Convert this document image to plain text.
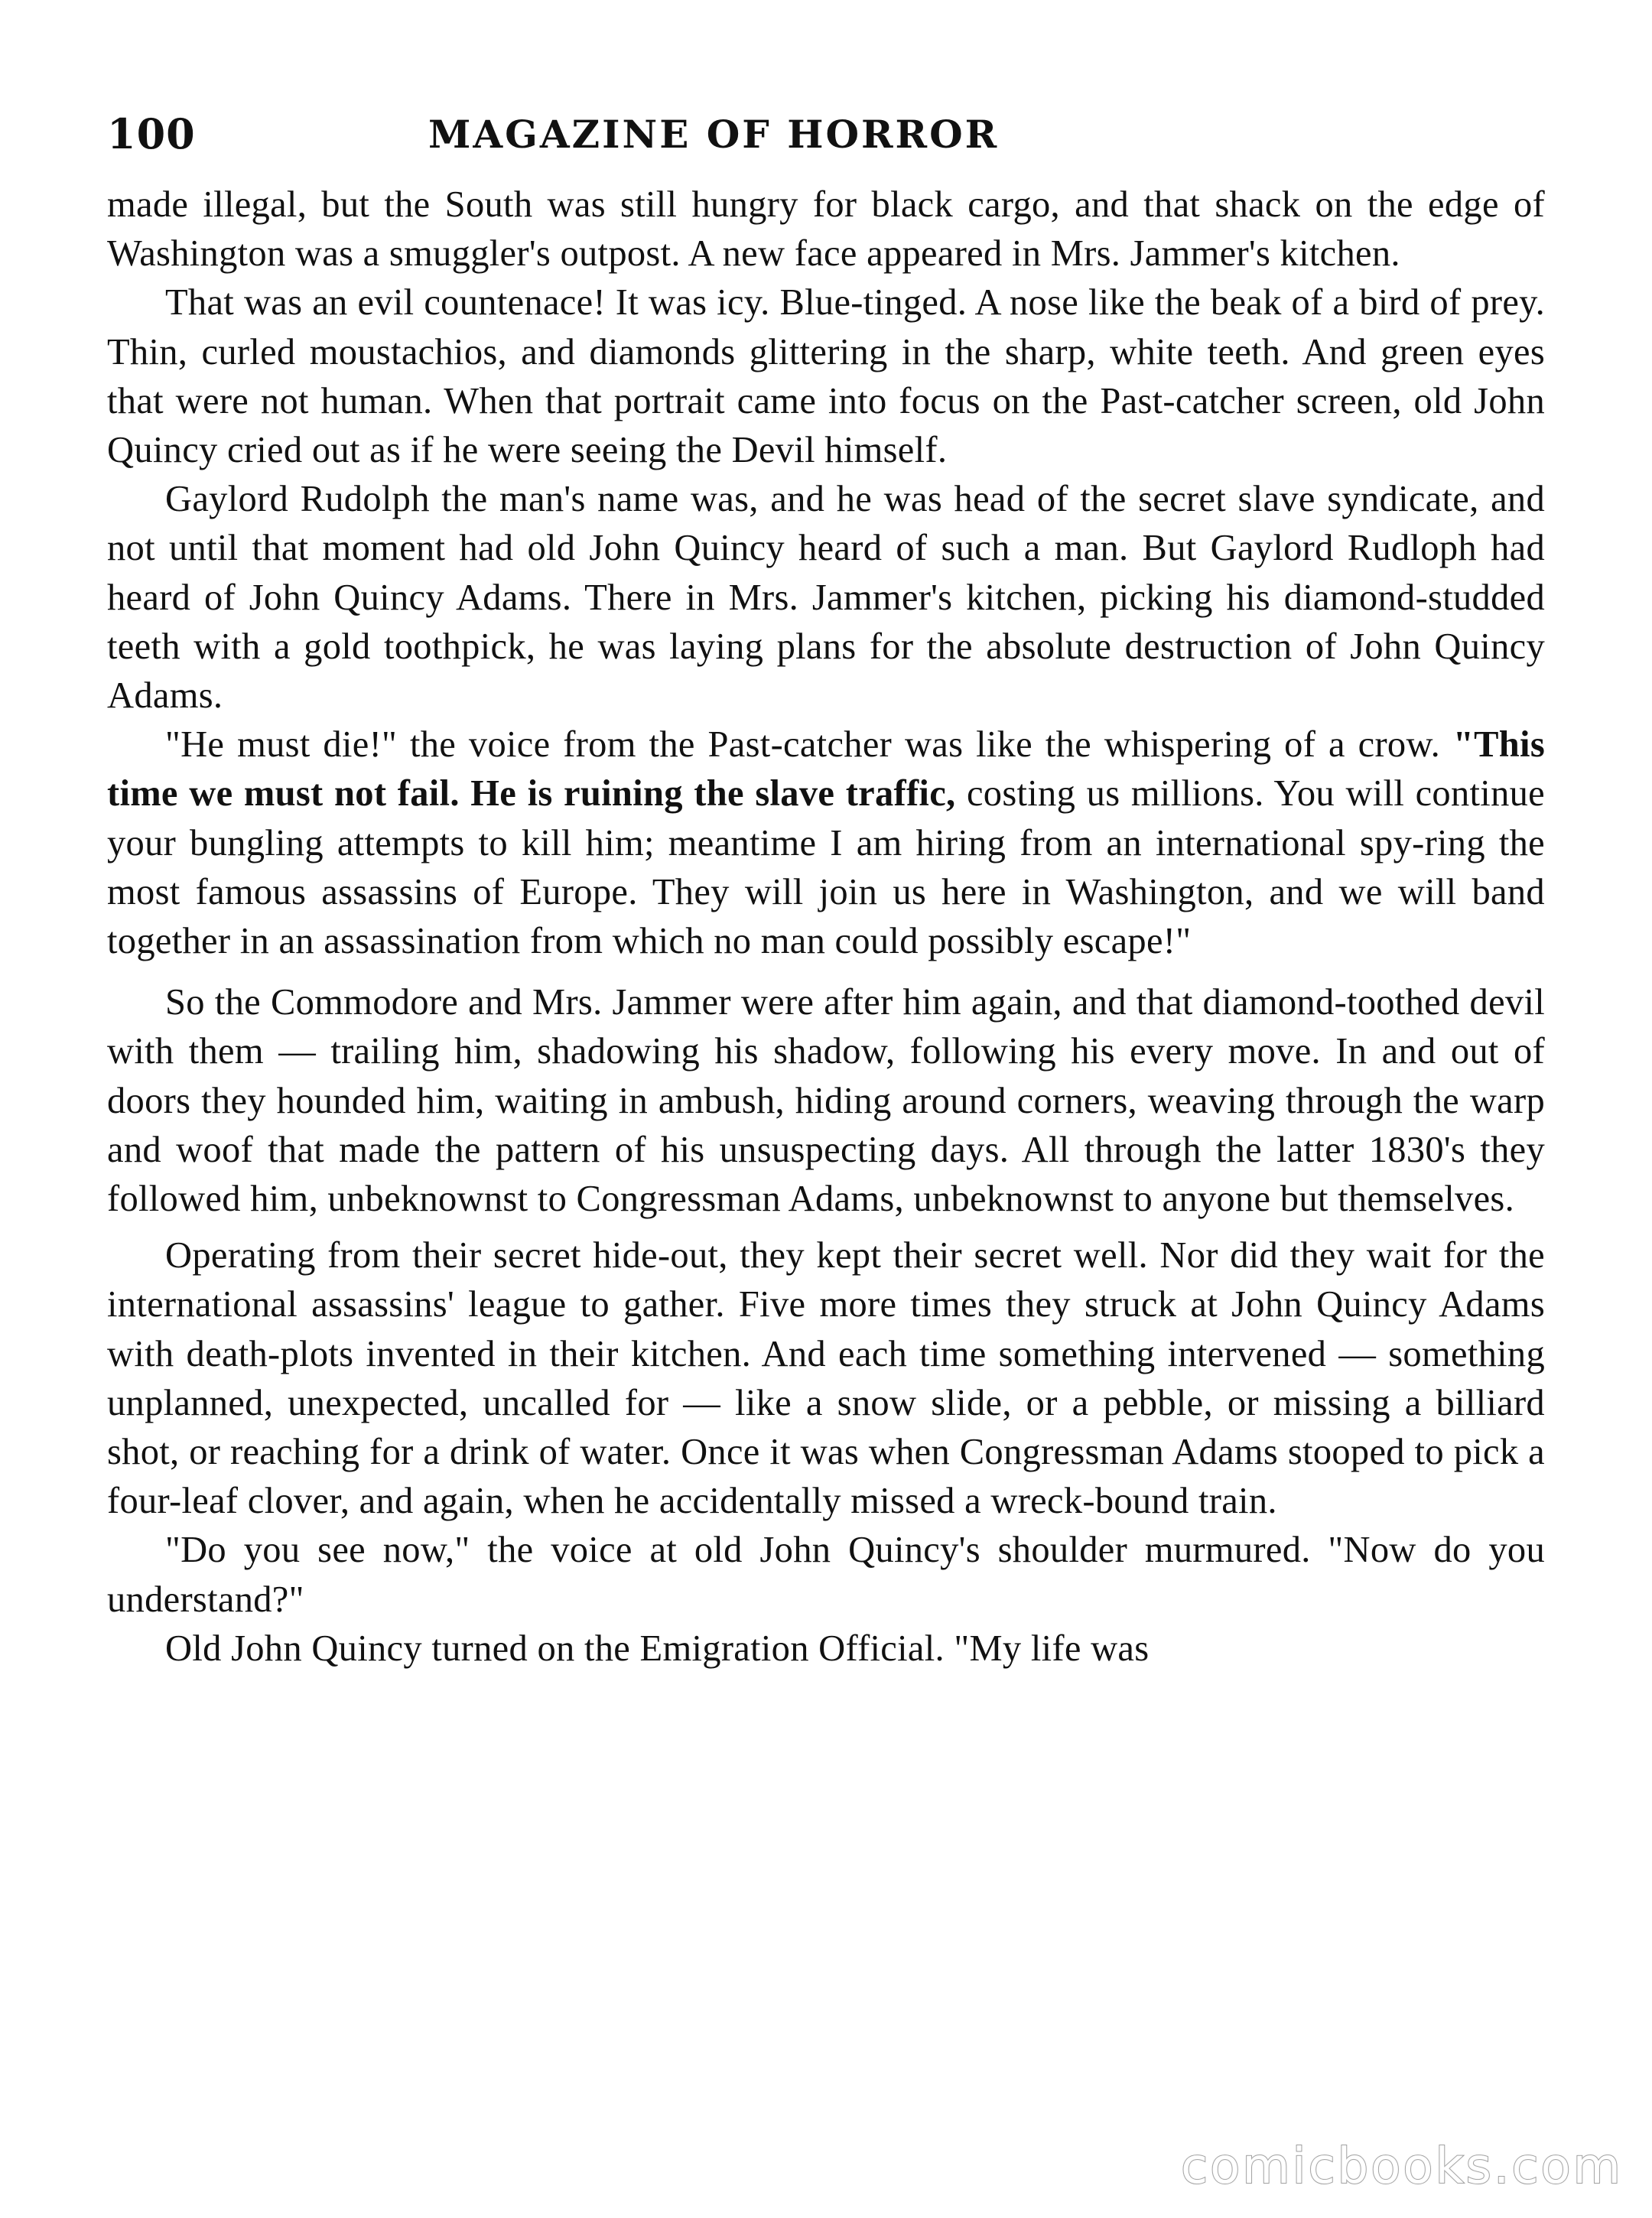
100	MAGAZINE OF HORROR

made illegal, but the South was still hungry for black cargo, and that shack on the edge of Washington was a smuggler's outpost. A new face appeared in Mrs. Jammer's kitchen.

That was an evil countenace! It was icy. Blue-tinged. A nose like the beak of a bird of prey. Thin, curled moustachios, and diamonds glittering in the sharp, white teeth. And green eyes that were not human. When that portrait came into focus on the Past-catcher screen, old John Quincy cried out as if he were seeing the Devil himself.

Gaylord Rudolph the man's name was, and he was head of the secret slave syndicate, and not until that moment had old John Quincy heard of such a man. But Gaylord Rudloph had heard of John Quincy Adams. There in Mrs. Jammer's kitchen, picking his diamond-studded teeth with a gold toothpick, he was laying plans for the absolute destruction of John Quincy Adams.

"He must die!" the voice from the Past-catcher was like the whispering of a crow. "This time we must not fail. He is ruining the slave traffic, costing us millions. You will continue your bungling attempts to kill him; meantime I am hiring from an international spy-ring the most famous assassins of Europe. They will join us here in Washington, and we will band together in an assassination from which no man could possibly escape!"

So the Commodore and Mrs. Jammer were after him again, and that diamond-toothed devil with them — trailing him, shadowing his shadow, following his every move. In and out of doors they hounded him, waiting in ambush, hiding around corners, weaving through the warp and woof that made the pattern of his unsuspecting days. All through the latter 1830's they followed him, unbeknownst to Congressman Adams, unbeknownst to anyone but themselves.

Operating from their secret hide-out, they kept their secret well. Nor did they wait for the international assassins' league to gather. Five more times they struck at John Quincy Adams with death-plots invented in their kitchen. And each time something intervened — something unplanned, unexpected, uncalled for — like a snow slide, or a pebble, or missing a billiard shot, or reaching for a drink of water. Once it was when Congressman Adams stooped to pick a four-leaf clover, and again, when he accidentally missed a wreck-bound train.

"Do you see now," the voice at old John Quincy's shoulder murmured. "Now do you understand?"

Old John Quincy turned on the Emigration Official. "My life was

comicbooks.com
